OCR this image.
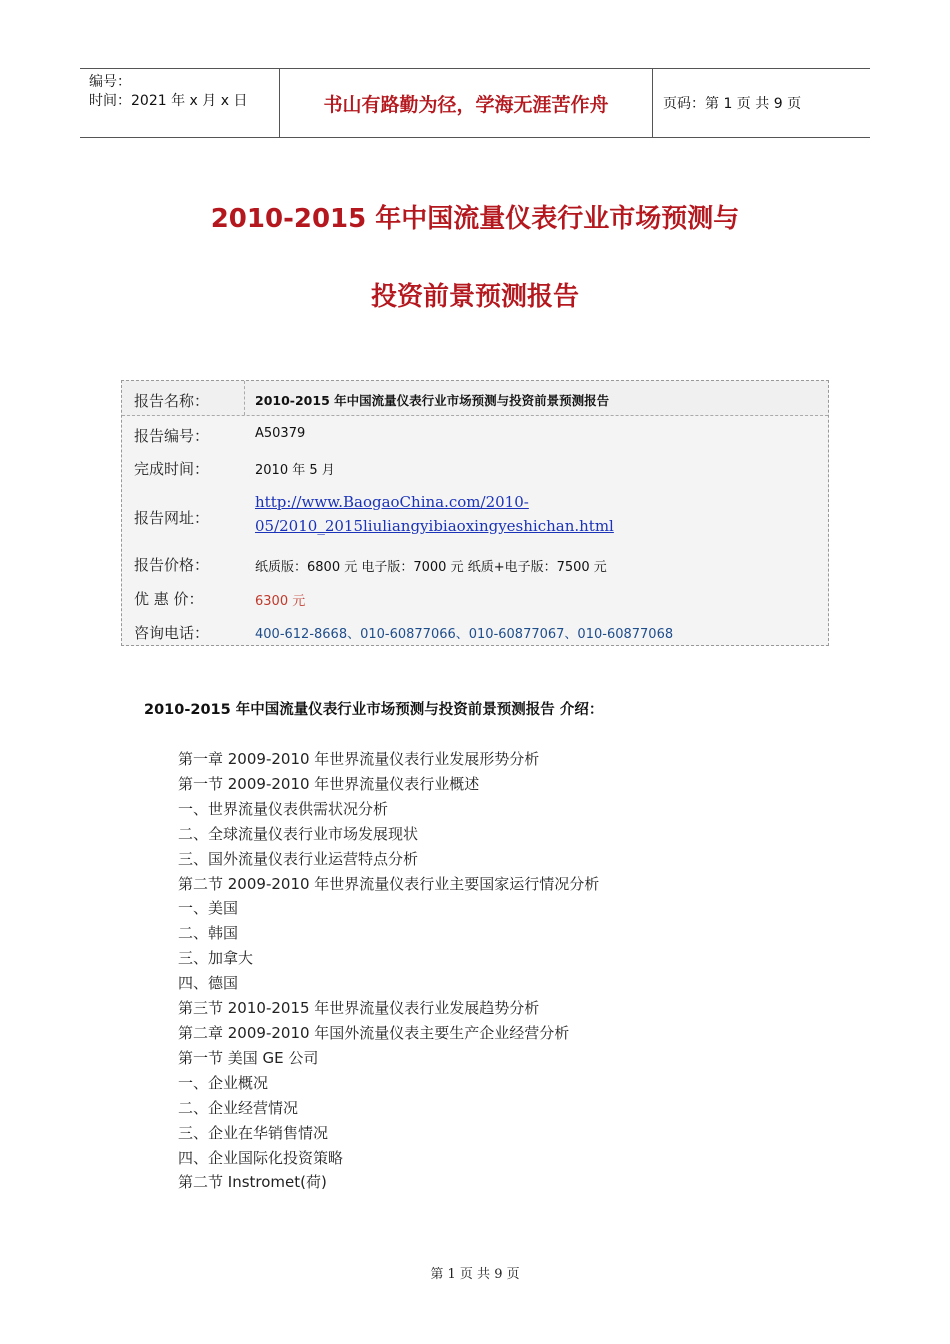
编号：
时间：2021 年 x 月 x 日	书山有路勤为径，学海无涯苦作舟	页码：第 1 页 共 9 页
2010-2015 年中国流量仪表行业市场预测与
投资前景预测报告
报告名称：	2010-2015 年中国流量仪表行业市场预测与投资前景预测报告
报告编号：	A50379
完成时间：	2010 年 5 月
报告网址：
http://www.BaogaoChina.com/2010-
05/2010_2015liuliangyibiaoxingyeshichan.html
报告价格：	纸质版：6800 元 电子版：7000 元 纸质+电子版：7500 元
优 惠 价：	6300 元
咨询电话：	400-612-8668、010-60877066、010-60877067、010-60877068
2010-2015 年中国流量仪表行业市场预测与投资前景预测报告 介绍：
第一章 2009-2010 年世界流量仪表行业发展形势分析
第一节 2009-2010 年世界流量仪表行业概述
一、世界流量仪表供需状况分析
二、全球流量仪表行业市场发展现状
三、国外流量仪表行业运营特点分析
第二节 2009-2010 年世界流量仪表行业主要国家运行情况分析
一、美国
二、韩国
三、加拿大
四、德国
第三节 2010-2015 年世界流量仪表行业发展趋势分析
第二章 2009-2010 年国外流量仪表主要生产企业经营分析
第一节 美国 GE 公司
一、企业概况
二、企业经营情况
三、企业在华销售情况
四、企业国际化投资策略
第二节 Instromet(荷)
第 1 页 共 9 页
